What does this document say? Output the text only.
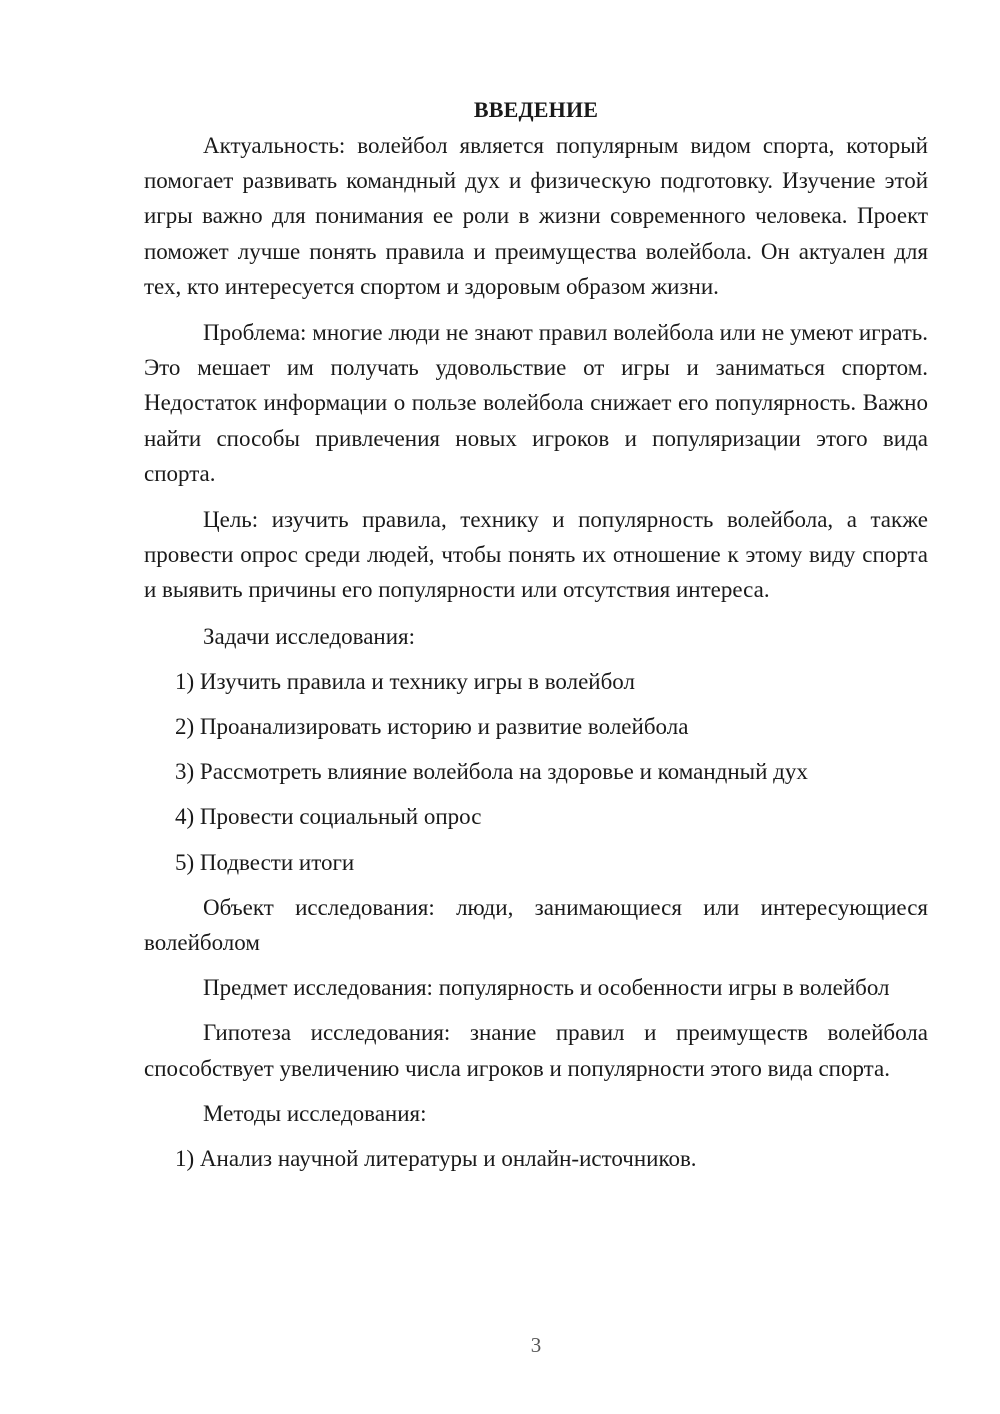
ВВЕДЕНИЕ

Актуальность: волейбол является популярным видом спорта, который помогает развивать командный дух и физическую подготовку. Изучение этой игры важно для понимания ее роли в жизни современного человека. Проект поможет лучше понять правила и преимущества волейбола. Он актуален для тех, кто интересуется спортом и здоровым образом жизни.

Проблема: многие люди не знают правил волейбола или не умеют играть. Это мешает им получать удовольствие от игры и заниматься спортом. Недостаток информации о пользе волейбола снижает его популярность. Важно найти способы привлечения новых игроков и популяризации этого вида спорта.

Цель: изучить правила, технику и популярность волейбола, а также провести опрос среди людей, чтобы понять их отношение к этому виду спорта и выявить причины его популярности или отсутствия интереса.

Задачи исследования:

1) Изучить правила и технику игры в волейбол

2) Проанализировать историю и развитие волейбола

3) Рассмотреть влияние волейбола на здоровье и командный дух

4) Провести социальный опрос

5) Подвести итоги

Объект исследования: люди, занимающиеся или интересующиеся волейболом

Предмет исследования: популярность и особенности игры в волейбол

Гипотеза исследования: знание правил и преимуществ волейбола способствует увеличению числа игроков и популярности этого вида спорта.

Методы исследования:

1) Анализ научной литературы и онлайн-источников.

3
